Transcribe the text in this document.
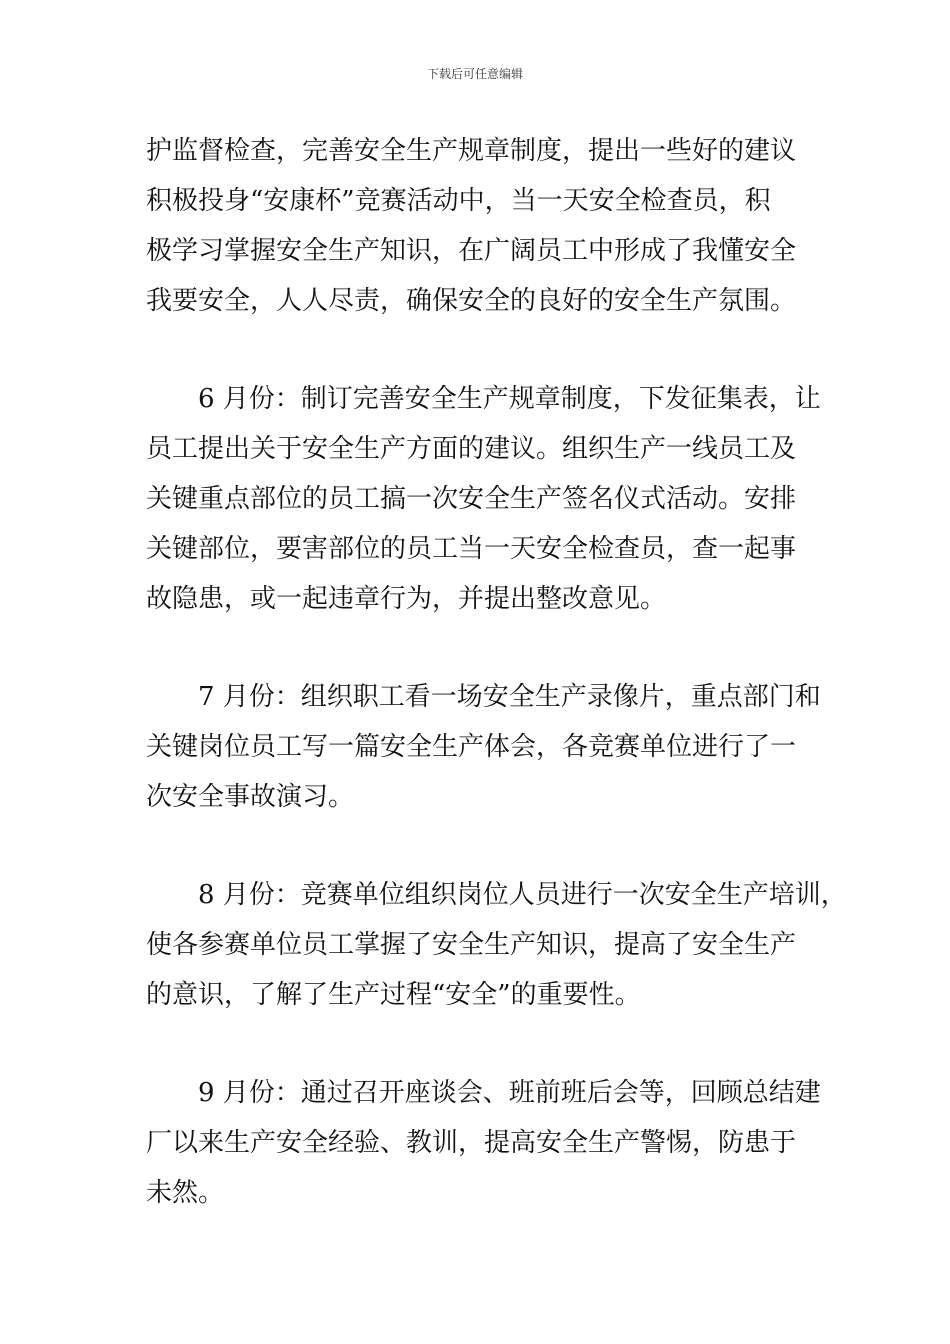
下载后可任意编辑
护监督检查，完善安全生产规章制度，提出一些好的建议
积极投身“安康杯”竞赛活动中，当一天安全检查员，积
极学习掌握安全生产知识，在广阔员工中形成了我懂安全
我要安全，人人尽责，确保安全的良好的安全生产氛围。
6 月份：制订完善安全生产规章制度，下发征集表，让
员工提出关于安全生产方面的建议。组织生产一线员工及
关键重点部位的员工搞一次安全生产签名仪式活动。安排
关键部位，要害部位的员工当一天安全检查员，查一起事
故隐患，或一起违章行为，并提出整改意见。
7 月份：组织职工看一场安全生产录像片，重点部门和
关键岗位员工写一篇安全生产体会，各竞赛单位进行了一
次安全事故演习。
8 月份：竞赛单位组织岗位人员进行一次安全生产培训，
使各参赛单位员工掌握了安全生产知识，提高了安全生产
的意识，了解了生产过程“安全”的重要性。
9 月份：通过召开座谈会、班前班后会等，回顾总结建
厂以来生产安全经验、教训，提高安全生产警惕，防患于
未然。
